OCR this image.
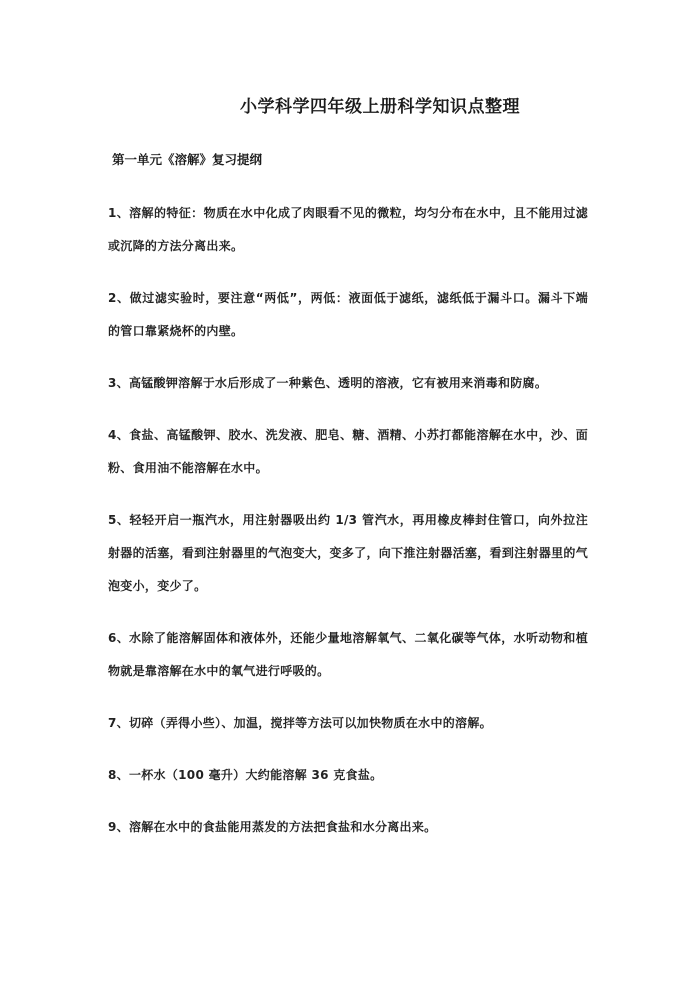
小学科学四年级上册科学知识点整理
第一单元《溶解》复习提纲

1、溶解的特征：物质在水中化成了肉眼看不见的微粒，均匀分布在水中，且不能用过滤或沉降的方法分离出来。

2、做过滤实验时，要注意“两低”，两低：液面低于滤纸，滤纸低于漏斗口。漏斗下端的管口靠紧烧杯的内壁。

3、高锰酸钾溶解于水后形成了一种紫色、透明的溶液，它有被用来消毒和防腐。

4、食盐、高锰酸钾、胶水、洗发液、肥皂、糖、酒精、小苏打都能溶解在水中，沙、面粉、食用油不能溶解在水中。

5、轻轻开启一瓶汽水，用注射器吸出约 1/3 管汽水，再用橡皮棒封住管口，向外拉注射器的活塞，看到注射器里的气泡变大，变多了，向下推注射器活塞，看到注射器里的气泡变小，变少了。

6、水除了能溶解固体和液体外，还能少量地溶解氧气、二氧化碳等气体，水听动物和植物就是靠溶解在水中的氧气进行呼吸的。

7、切碎（弄得小些）、加温，搅拌等方法可以加快物质在水中的溶解。

8、一杯水（100 毫升）大约能溶解 36 克食盐。

9、溶解在水中的食盐能用蒸发的方法把食盐和水分离出来。
